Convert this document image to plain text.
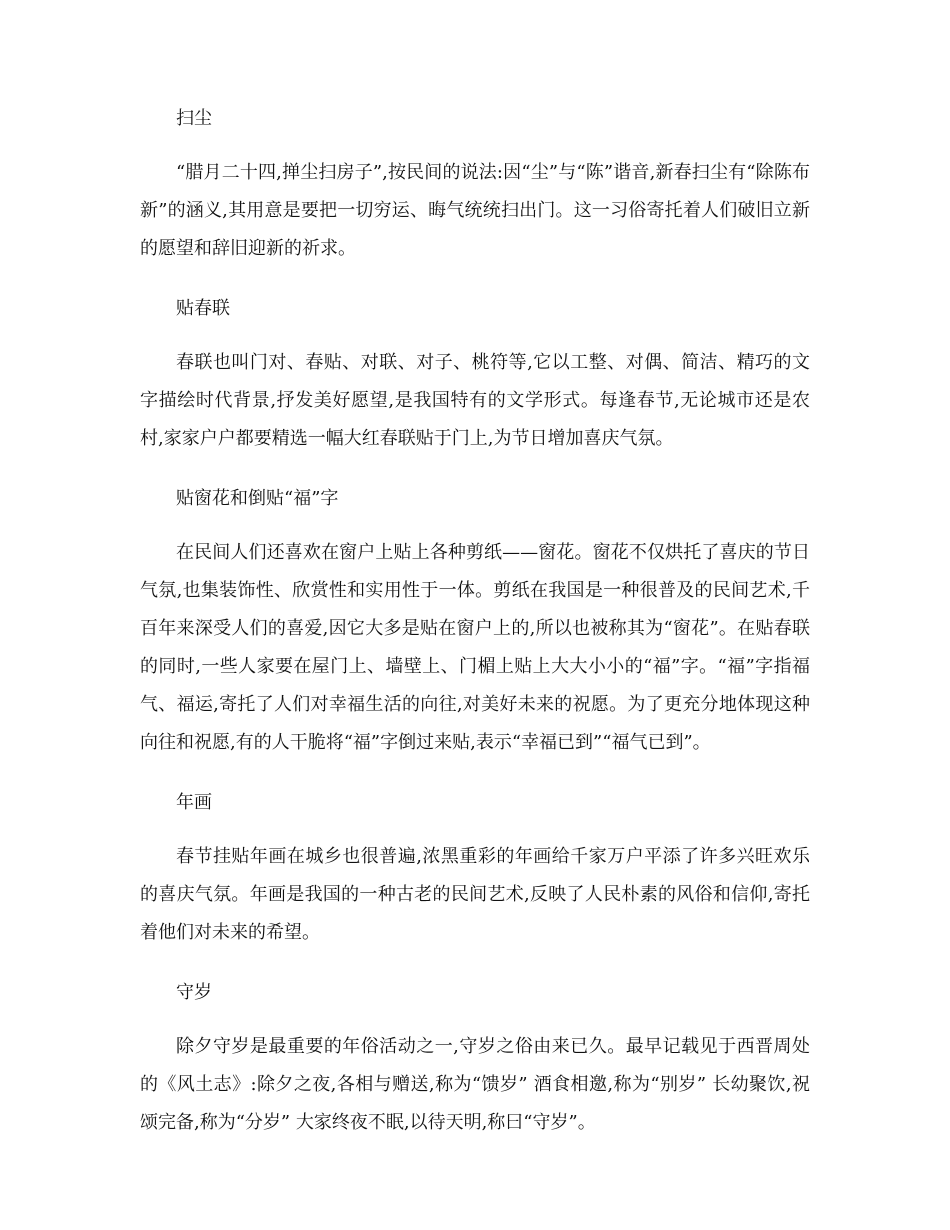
扫尘

“腊月二十四,掸尘扫房子”,按民间的说法:因“尘”与“陈”谐音,新春扫尘有“除陈布新”的涵义,其用意是要把一切穷运、晦气统统扫出门。这一习俗寄托着人们破旧立新的愿望和辞旧迎新的祈求。

贴春联

春联也叫门对、春贴、对联、对子、桃符等,它以工整、对偶、简洁、精巧的文字描绘时代背景,抒发美好愿望,是我国特有的文学形式。每逢春节,无论城市还是农村,家家户户都要精选一幅大红春联贴于门上,为节日增加喜庆气氛。

贴窗花和倒贴“福”字

在民间人们还喜欢在窗户上贴上各种剪纸——窗花。窗花不仅烘托了喜庆的节日气氛,也集装饰性、欣赏性和实用性于一体。剪纸在我国是一种很普及的民间艺术,千百年来深受人们的喜爱,因它大多是贴在窗户上的,所以也被称其为“窗花”。在贴春联的同时,一些人家要在屋门上、墙壁上、门楣上贴上大大小小的“福”字。“福”字指福气、福运,寄托了人们对幸福生活的向往,对美好未来的祝愿。为了更充分地体现这种向往和祝愿,有的人干脆将“福”字倒过来贴,表示“幸福已到”“福气已到”。

年画

春节挂贴年画在城乡也很普遍,浓黑重彩的年画给千家万户平添了许多兴旺欢乐的喜庆气氛。年画是我国的一种古老的民间艺术,反映了人民朴素的风俗和信仰,寄托着他们对未来的希望。

守岁

除夕守岁是最重要的年俗活动之一,守岁之俗由来已久。最早记载见于西晋周处的《风土志》:除夕之夜,各相与赠送,称为“馈岁” 酒食相邀,称为“别岁” 长幼聚饮,祝颂完备,称为“分岁” 大家终夜不眠,以待天明,称曰“守岁”。
